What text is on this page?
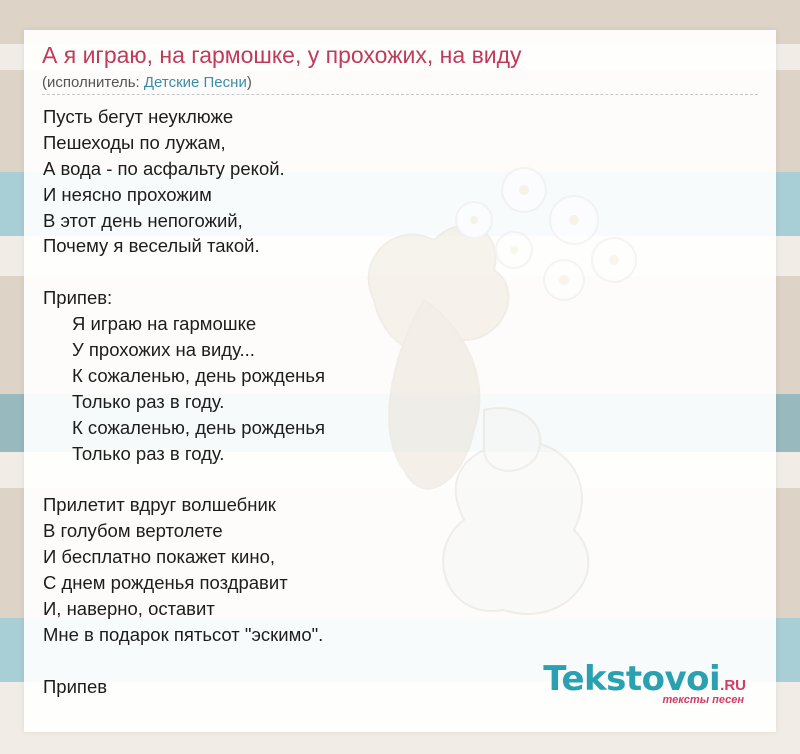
А я играю, на гармошке, у прохожих, на виду
(исполнитель: Детские Песни)
Пусть бегут неуклюже
Пешеходы по лужам,
А вода - по асфальту рекой.
И неясно прохожим
В этот день непогожий,
Почему я веселый такой.
Припев:
Я играю на гармошке
У прохожих на виду...
К сожаленью, день рожденья
Только раз в году.
К сожаленью, день рожденья
Только раз в году.
Прилетит вдруг волшебник
В голубом вертолете
И бесплатно покажет кино,
С днем рожденья поздравит
И, наверно, оставит
Мне в подарок пятьсот "эскимо".
Припев	Tekstovoi.RU
тексты песен
